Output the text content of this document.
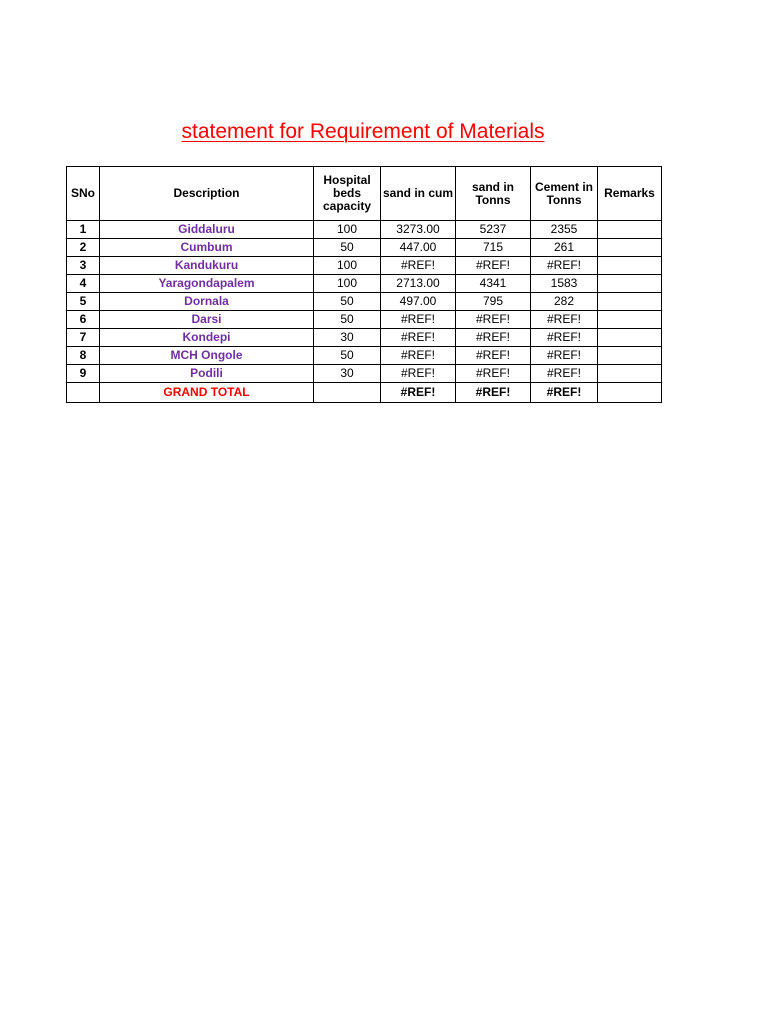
statement for Requirement of Materials
SNo	Description	Hospital beds capacity	sand in cum	sand in Tonns	Cement in Tonns	Remarks
1	Giddaluru	100	3273.00	5237	2355	
2	Cumbum	50	447.00	715	261	
3	Kandukuru	100	#REF!	#REF!	#REF!	
4	Yaragondapalem	100	2713.00	4341	1583	
5	Dornala	50	497.00	795	282	
6	Darsi	50	#REF!	#REF!	#REF!	
7	Kondepi	30	#REF!	#REF!	#REF!	
8	MCH Ongole	50	#REF!	#REF!	#REF!	
9	Podili	30	#REF!	#REF!	#REF!	
	GRAND TOTAL		#REF!	#REF!	#REF!	
